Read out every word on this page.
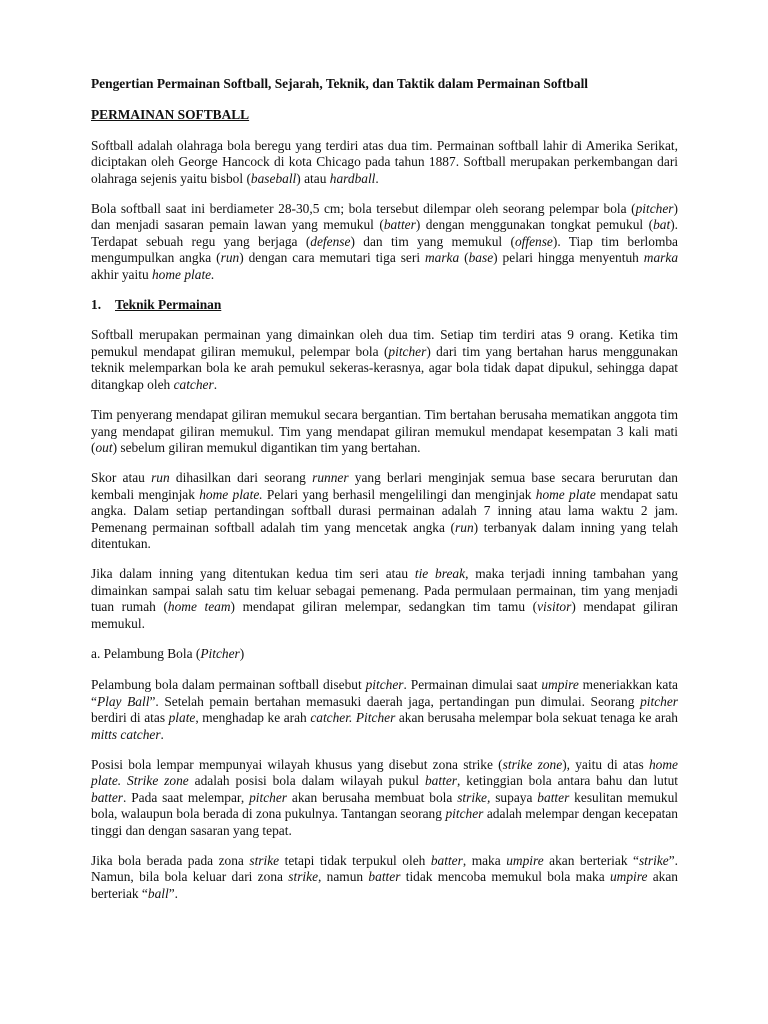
Pengertian Permainan Softball, Sejarah, Teknik, dan Taktik dalam Permainan Softball

PERMAINAN SOFTBALL

Softball adalah olahraga bola beregu yang terdiri atas dua tim. Permainan softball lahir di Amerika Serikat, diciptakan oleh George Hancock di kota Chicago pada tahun 1887. Softball merupakan perkembangan dari olahraga sejenis yaitu bisbol (baseball) atau hardball.

Bola softball saat ini berdiameter 28-30,5 cm; bola tersebut dilempar oleh seorang pelempar bola (pitcher) dan menjadi sasaran pemain lawan yang memukul (batter) dengan menggunakan tongkat pemukul (bat). Terdapat sebuah regu yang berjaga (defense) dan tim yang memukul (offense). Tiap tim berlomba mengumpulkan angka (run) dengan cara memutari tiga seri marka (base) pelari hingga menyentuh marka akhir yaitu home plate.

1. Teknik Permainan

Softball merupakan permainan yang dimainkan oleh dua tim. Setiap tim terdiri atas 9 orang. Ketika tim pemukul mendapat giliran memukul, pelempar bola (pitcher) dari tim yang bertahan harus menggunakan teknik melemparkan bola ke arah pemukul sekeras-kerasnya, agar bola tidak dapat dipukul, sehingga dapat ditangkap oleh catcher.

Tim penyerang mendapat giliran memukul secara bergantian. Tim bertahan berusaha mematikan anggota tim yang mendapat giliran memukul. Tim yang mendapat giliran memukul mendapat kesempatan 3 kali mati (out) sebelum giliran memukul digantikan tim yang bertahan.

Skor atau run dihasilkan dari seorang runner yang berlari menginjak semua base secara berurutan dan kembali menginjak home plate. Pelari yang berhasil mengelilingi dan menginjak home plate mendapat satu angka. Dalam setiap pertandingan softball durasi permainan adalah 7 inning atau lama waktu 2 jam. Pemenang permainan softball adalah tim yang mencetak angka (run) terbanyak dalam inning yang telah ditentukan.

Jika dalam inning yang ditentukan kedua tim seri atau tie break, maka terjadi inning tambahan yang dimainkan sampai salah satu tim keluar sebagai pemenang. Pada permulaan permainan, tim yang menjadi tuan rumah (home team) mendapat giliran melempar, sedangkan tim tamu (visitor) mendapat giliran memukul.

a. Pelambung Bola (Pitcher)

Pelambung bola dalam permainan softball disebut pitcher. Permainan dimulai saat umpire meneriakkan kata “Play Ball”. Setelah pemain bertahan memasuki daerah jaga, pertandingan pun dimulai. Seorang pitcher berdiri di atas plate, menghadap ke arah catcher. Pitcher akan berusaha melempar bola sekuat tenaga ke arah mitts catcher.

Posisi bola lempar mempunyai wilayah khusus yang disebut zona strike (strike zone), yaitu di atas home plate. Strike zone adalah posisi bola dalam wilayah pukul batter, ketinggian bola antara bahu dan lutut batter. Pada saat melempar, pitcher akan berusaha membuat bola strike, supaya batter kesulitan memukul bola, walaupun bola berada di zona pukulnya. Tantangan seorang pitcher adalah melempar dengan kecepatan tinggi dan dengan sasaran yang tepat.

Jika bola berada pada zona strike tetapi tidak terpukul oleh batter, maka umpire akan berteriak “strike”. Namun, bila bola keluar dari zona strike, namun batter tidak mencoba memukul bola maka umpire akan berteriak “ball”.
